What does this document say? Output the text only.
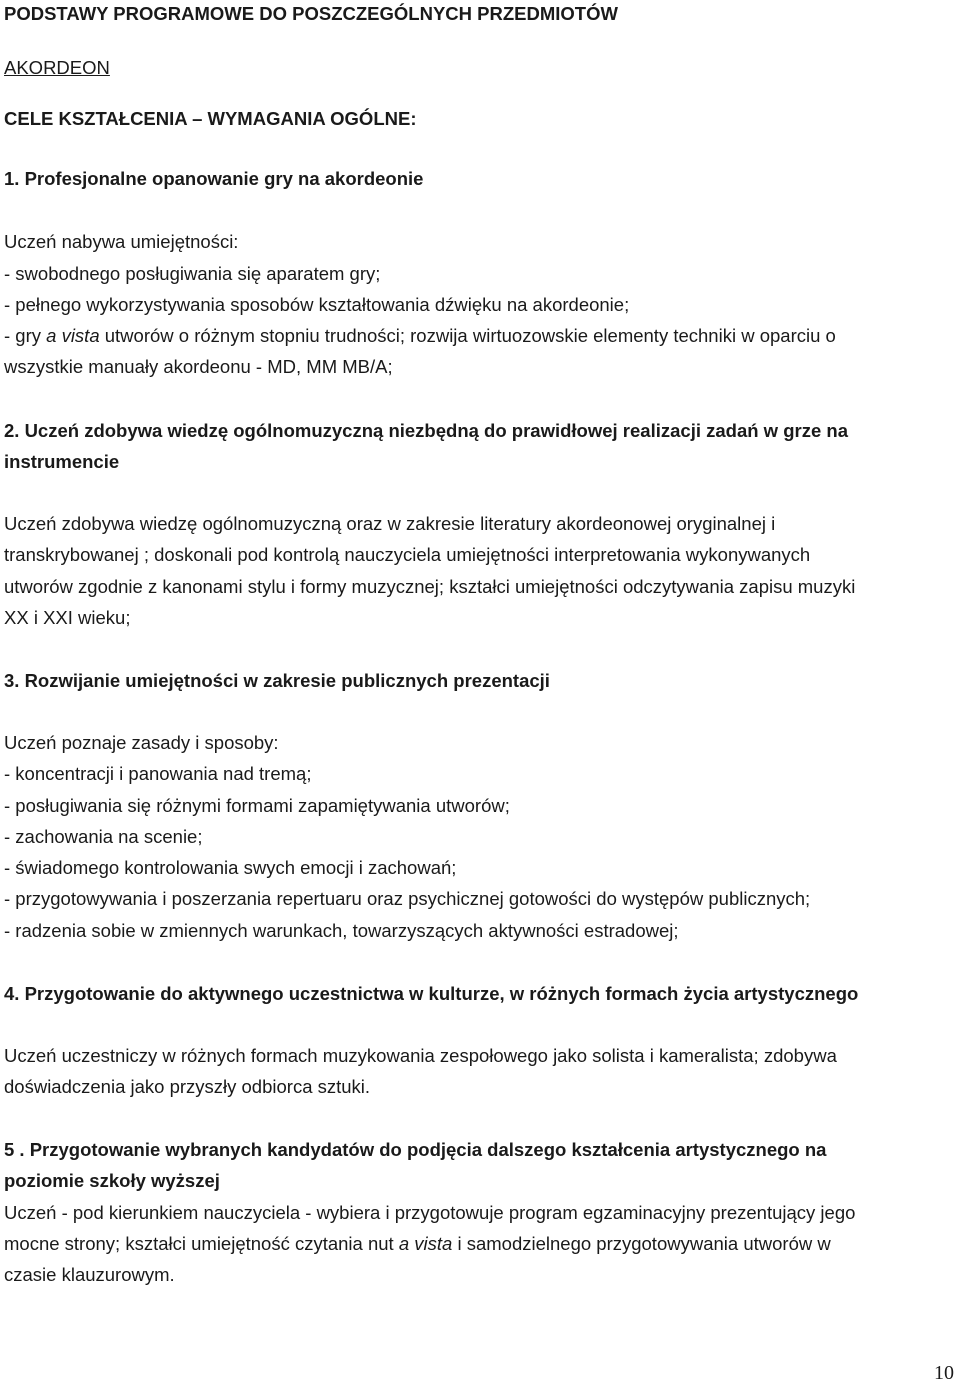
PODSTAWY PROGRAMOWE DO POSZCZEGÓLNYCH PRZEDMIOTÓW
AKORDEON
CELE KSZTAŁCENIA – WYMAGANIA OGÓLNE:
1. Profesjonalne opanowanie gry na akordeonie
Uczeń nabywa umiejętności:
- swobodnego posługiwania się aparatem gry;
- pełnego wykorzystywania sposobów kształtowania dźwięku na akordeonie;
- gry a vista utworów o różnym stopniu trudności; rozwija wirtuozowskie elementy techniki w oparciu o
wszystkie manuały akordeonu - MD, MM MB/A;
2. Uczeń zdobywa wiedzę ogólnomuzyczną niezbędną do prawidłowej realizacji zadań w grze na
instrumencie
Uczeń zdobywa wiedzę ogólnomuzyczną oraz w zakresie literatury akordeonowej oryginalnej i
transkrybowanej ; doskonali pod kontrolą nauczyciela umiejętności interpretowania wykonywanych
utworów zgodnie z kanonami stylu i formy muzycznej; kształci umiejętności odczytywania zapisu muzyki
XX i XXI wieku;
3. Rozwijanie umiejętności w zakresie publicznych prezentacji
Uczeń poznaje zasady i sposoby:
- koncentracji i panowania nad tremą;
- posługiwania się różnymi formami zapamiętywania utworów;
- zachowania na scenie;
- świadomego kontrolowania swych emocji i zachowań;
- przygotowywania i poszerzania repertuaru oraz psychicznej gotowości do występów publicznych;
- radzenia sobie w zmiennych warunkach, towarzyszących aktywności estradowej;
4. Przygotowanie do aktywnego uczestnictwa w kulturze, w różnych formach życia artystycznego
Uczeń uczestniczy w różnych formach muzykowania zespołowego jako solista i kameralista; zdobywa
doświadczenia jako przyszły odbiorca sztuki.
5 . Przygotowanie wybranych kandydatów do podjęcia dalszego kształcenia artystycznego na
poziomie szkoły wyższej
Uczeń - pod kierunkiem nauczyciela - wybiera i przygotowuje program egzaminacyjny prezentujący jego
mocne strony; kształci umiejętność czytania nut a vista i samodzielnego przygotowywania utworów w
czasie klauzurowym.
10
